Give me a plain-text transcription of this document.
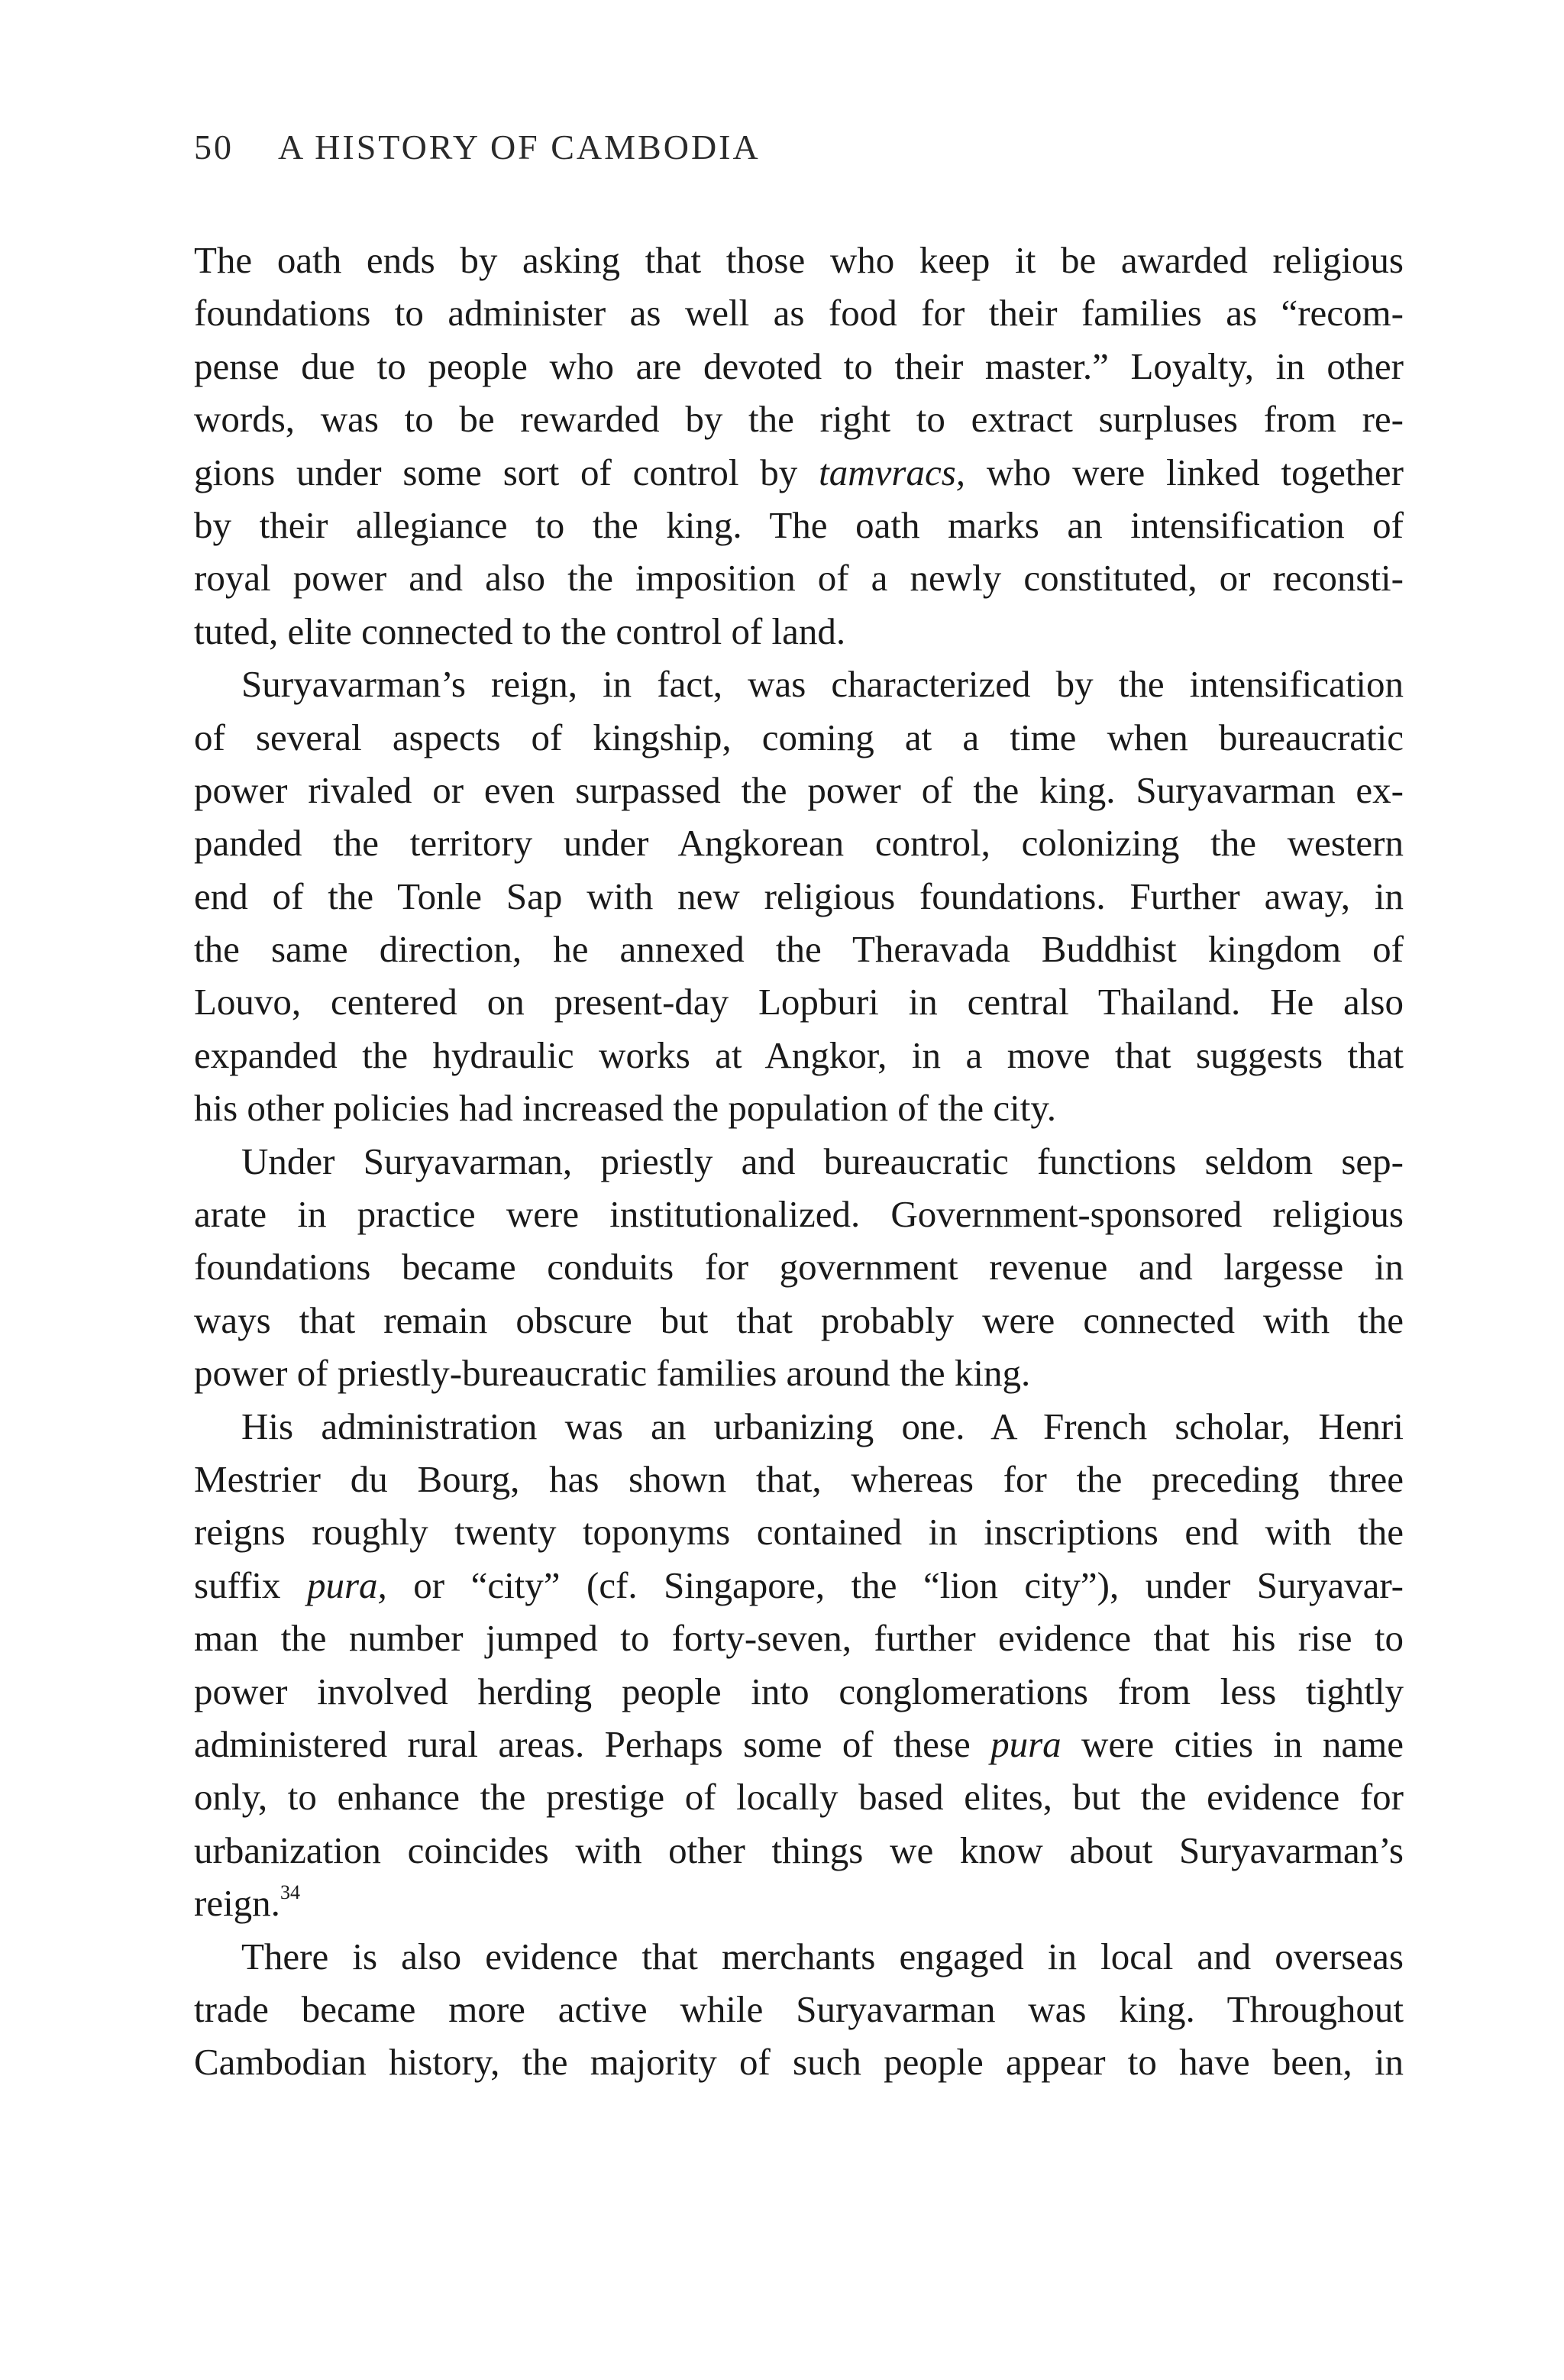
50 A HISTORY OF CAMBODIA
The oath ends by asking that those who keep it be awarded religious
foundations to administer as well as food for their families as “recom-
pense due to people who are devoted to their master.” Loyalty, in other
words, was to be rewarded by the right to extract surpluses from re-
gions under some sort of control by tamvracs, who were linked together
by their allegiance to the king. The oath marks an intensification of
royal power and also the imposition of a newly constituted, or reconsti-
tuted, elite connected to the control of land.
Suryavarman’s reign, in fact, was characterized by the intensification
of several aspects of kingship, coming at a time when bureaucratic
power rivaled or even surpassed the power of the king. Suryavarman ex-
panded the territory under Angkorean control, colonizing the western
end of the Tonle Sap with new religious foundations. Further away, in
the same direction, he annexed the Theravada Buddhist kingdom of
Louvo, centered on present-day Lopburi in central Thailand. He also
expanded the hydraulic works at Angkor, in a move that suggests that
his other policies had increased the population of the city.
Under Suryavarman, priestly and bureaucratic functions seldom sep-
arate in practice were institutionalized. Government-sponsored religious
foundations became conduits for government revenue and largesse in
ways that remain obscure but that probably were connected with the
power of priestly-bureaucratic families around the king.
His administration was an urbanizing one. A French scholar, Henri
Mestrier du Bourg, has shown that, whereas for the preceding three
reigns roughly twenty toponyms contained in inscriptions end with the
suffix pura, or “city” (cf. Singapore, the “lion city”), under Suryavar-
man the number jumped to forty-seven, further evidence that his rise to
power involved herding people into conglomerations from less tightly
administered rural areas. Perhaps some of these pura were cities in name
only, to enhance the prestige of locally based elites, but the evidence for
urbanization coincides with other things we know about Suryavarman’s
reign.$^{34}$
There is also evidence that merchants engaged in local and overseas
trade became more active while Suryavarman was king. Throughout
Cambodian history, the majority of such people appear to have been, in
